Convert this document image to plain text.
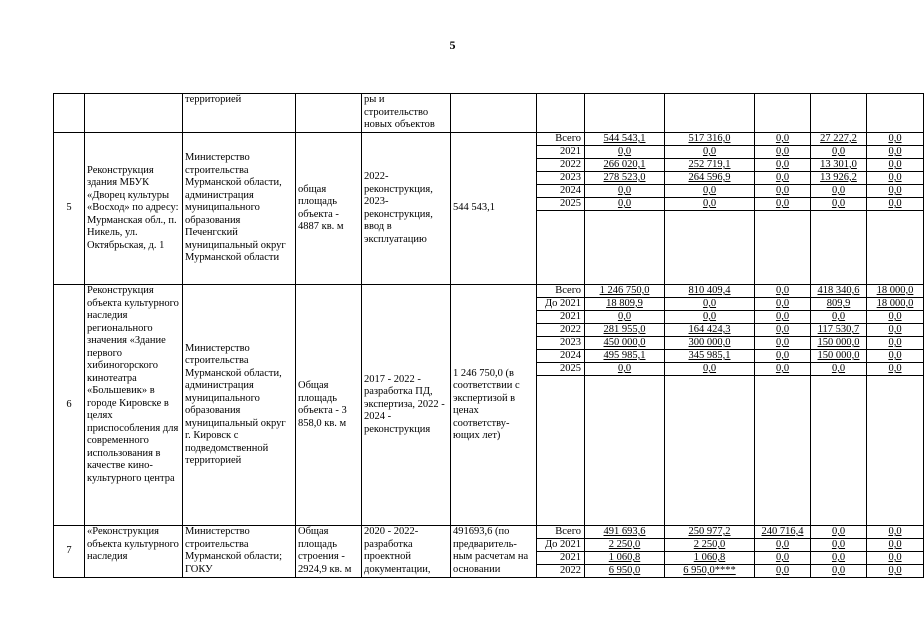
5
		территорией		ры и строительство новых объектов							
5	Реконструкция здания МБУК «Дворец культуры «Восход» по адресу: Мурманская обл., п. Никель, ул. Октябрьская, д. 1	Министерство строительства Мурманской области, администрация муниципального образования Печенгский муниципальный округ Мурманской области	общая площадь объекта - 4887 кв. м	2022-реконструкция, 2023-реконструкция, ввод в эксплуатацию	544 543,1	Всего	544 543,1	517 316,0	0,0	27 227,2	0,0
						2021	0,0	0,0	0,0	0,0	0,0
						2022	266 020,1	252 719,1	0,0	13 301,0	0,0
						2023	278 523,0	264 596,9	0,0	13 926,2	0,0
						2024	0,0	0,0	0,0	0,0	0,0
						2025	0,0	0,0	0,0	0,0	0,0

6	Реконструкция объекта культурного наследия регионального значения «Здание первого хибиногорского кинотеатра «Большевик» в городе Кировске в целях приспособления для современного использования в качестве кино-культурного центра	Министерство строительства Мурманской области, администрация муниципального образования муниципальный округ г. Кировск с подведомственной территорией	Общая площадь объекта - 3 858,0 кв. м	2017 - 2022 - разработка ПД, экспертиза, 2022 - 2024 - реконструкция	1 246 750,0 (в соответствии с экспертизой в ценах соответству-ющих лет)	Всего	1 246 750,0	810 409,4	0,0	418 340,6	18 000,0
						До 2021	18 809,9	0,0	0,0	809,9	18 000,0
						2021	0,0	0,0	0,0	0,0	0,0
						2022	281 955,0	164 424,3	0,0	117 530,7	0,0
						2023	450 000,0	300 000,0	0,0	150 000,0	0,0
						2024	495 985,1	345 985,1	0,0	150 000,0	0,0
						2025	0,0	0,0	0,0	0,0	0,0

7	«Реконструкция объекта культурного наследия	Министерство строительства Мурманской области; ГОКУ	Общая площадь строения - 2924,9 кв. м	2020 - 2022-разработка проектной документации,	491693,6 (по предваритель-ным расчетам на основании	Всего	491 693,6	250 977,2	240 716,4	0,0	0,0
						До 2021	2 250,0	2 250,0	0,0	0,0	0,0
						2021	1 060,8	1 060,8	0,0	0,0	0,0
						2022	6 950,0	6 950,0****	0,0	0,0	0,0
